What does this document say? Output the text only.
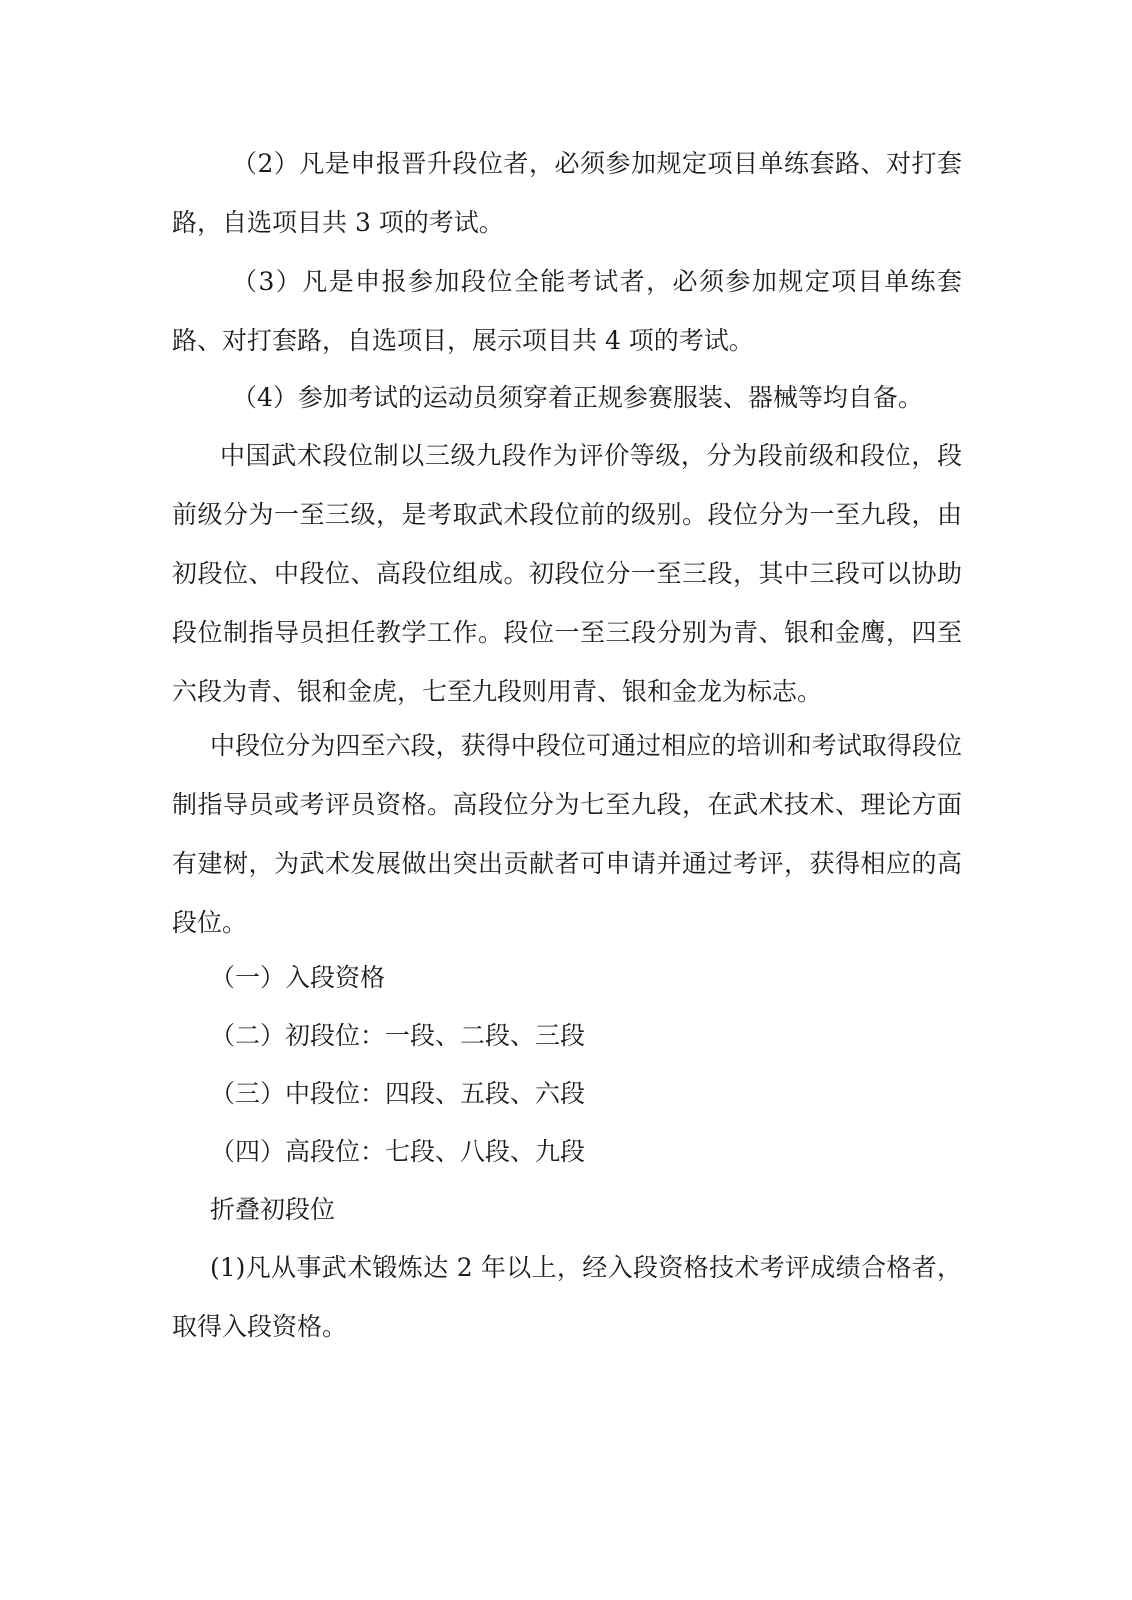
（2）凡是申报晋升段位者，必须参加规定项目单练套路、对打套路，自选项目共 3 项的考试。

（3）凡是申报参加段位全能考试者，必须参加规定项目单练套路、对打套路，自选项目，展示项目共 4 项的考试。

（4）参加考试的运动员须穿着正规参赛服装、器械等均自备。

中国武术段位制以三级九段作为评价等级，分为段前级和段位，段前级分为一至三级，是考取武术段位前的级别。段位分为一至九段，由初段位、中段位、高段位组成。初段位分一至三段，其中三段可以协助段位制指导员担任教学工作。段位一至三段分别为青、银和金鹰，四至六段为青、银和金虎，七至九段则用青、银和金龙为标志。

中段位分为四至六段，获得中段位可通过相应的培训和考试取得段位制指导员或考评员资格。高段位分为七至九段，在武术技术、理论方面有建树，为武术发展做出突出贡献者可申请并通过考评，获得相应的高段位。

（一）入段资格

（二）初段位：一段、二段、三段

（三）中段位：四段、五段、六段

（四）高段位：七段、八段、九段

折叠初段位

(1)凡从事武术锻炼达 2 年以上，经入段资格技术考评成绩合格者，取得入段资格。
